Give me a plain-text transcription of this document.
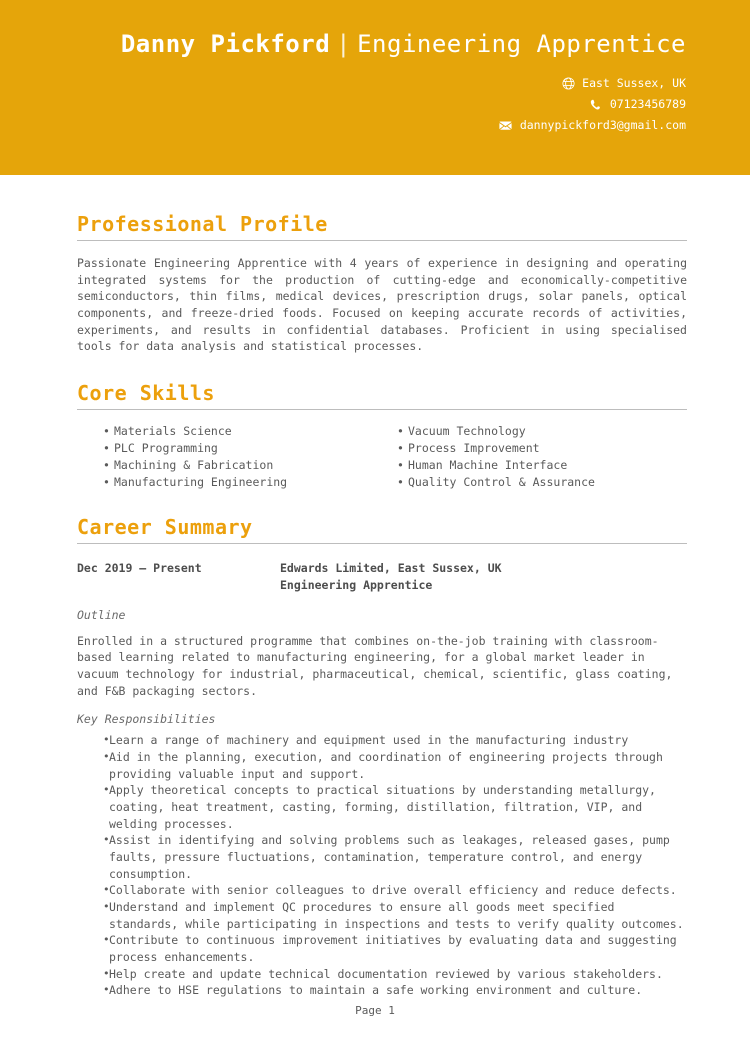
Danny Pickford | Engineering Apprentice
East Sussex, UK
07123456789
dannypickford3@gmail.com
Professional Profile
Passionate Engineering Apprentice with 4 years of experience in designing and operating integrated systems for the production of cutting-edge and economically-competitive semiconductors, thin films, medical devices, prescription drugs, solar panels, optical components, and freeze-dried foods. Focused on keeping accurate records of activities, experiments, and results in confidential databases. Proficient in using specialised tools for data analysis and statistical processes.
Core Skills
• Materials Science
• PLC Programming
• Machining & Fabrication
• Manufacturing Engineering
• Vacuum Technology
• Process Improvement
• Human Machine Interface
• Quality Control & Assurance
Career Summary
Dec 2019 – Present	Edwards Limited, East Sussex, UK
Engineering Apprentice
Outline
Enrolled in a structured programme that combines on-the-job training with classroom-based learning related to manufacturing engineering, for a global market leader in vacuum technology for industrial, pharmaceutical, chemical, scientific, glass coating, and F&B packaging sectors.
Key Responsibilities
• Learn a range of machinery and equipment used in the manufacturing industry
• Aid in the planning, execution, and coordination of engineering projects through providing valuable input and support.
• Apply theoretical concepts to practical situations by understanding metallurgy, coating, heat treatment, casting, forming, distillation, filtration, VIP, and welding processes.
• Assist in identifying and solving problems such as leakages, released gases, pump faults, pressure fluctuations, contamination, temperature control, and energy consumption.
• Collaborate with senior colleagues to drive overall efficiency and reduce defects.
• Understand and implement QC procedures to ensure all goods meet specified standards, while participating in inspections and tests to verify quality outcomes.
• Contribute to continuous improvement initiatives by evaluating data and suggesting process enhancements.
• Help create and update technical documentation reviewed by various stakeholders.
• Adhere to HSE regulations to maintain a safe working environment and culture.
Page 1
